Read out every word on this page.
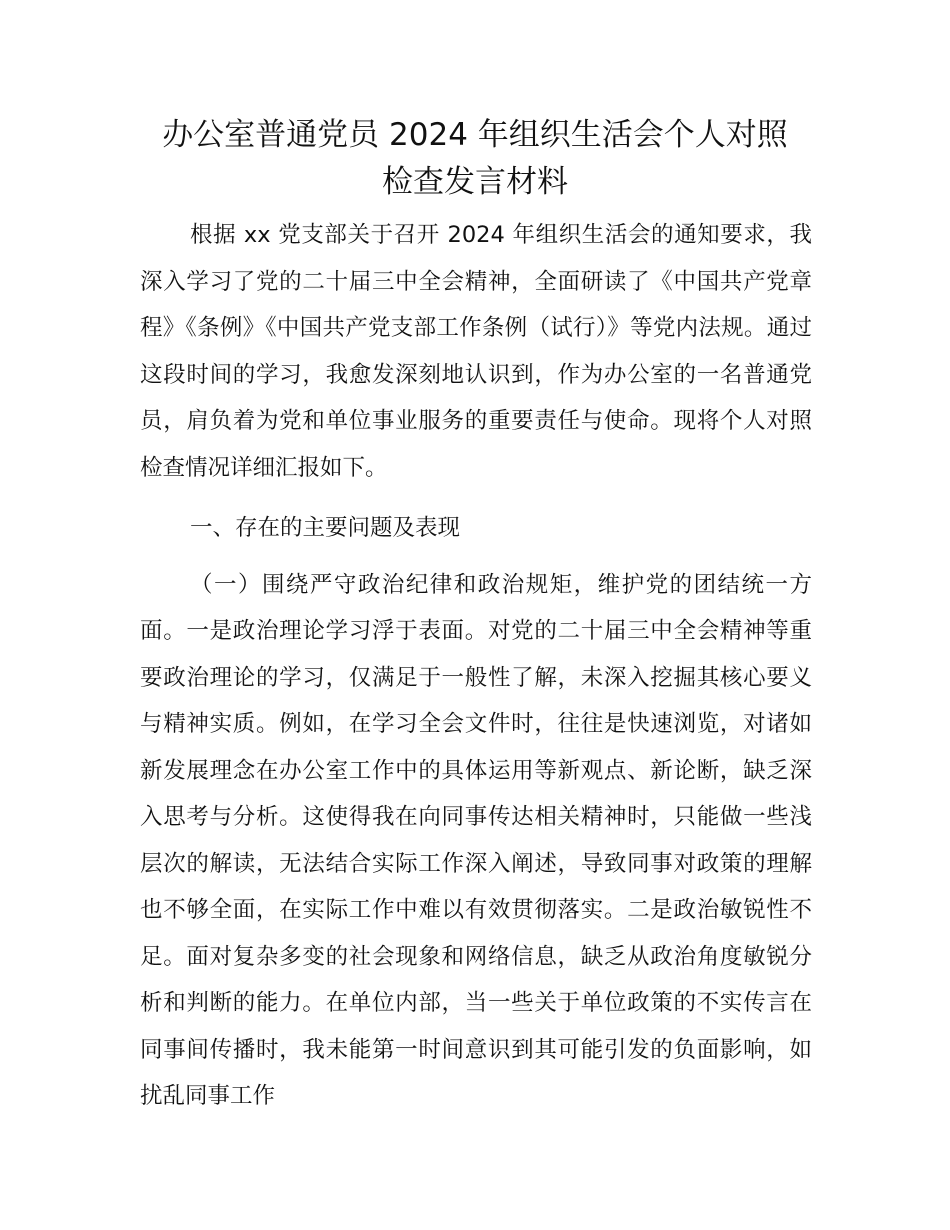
办公室普通党员 2024 年组织生活会个人对照
检查发言材料

根据 xx 党支部关于召开 2024 年组织生活会的通知要求，我深入学习了党的二十届三中全会精神，全面研读了《中国共产党章程》《条例》《中国共产党支部工作条例（试行）》等党内法规。通过这段时间的学习，我愈发深刻地认识到，作为办公室的一名普通党员，肩负着为党和单位事业服务的重要责任与使命。现将个人对照检查情况详细汇报如下。

一、存在的主要问题及表现

（一）围绕严守政治纪律和政治规矩，维护党的团结统一方面。一是政治理论学习浮于表面。对党的二十届三中全会精神等重要政治理论的学习，仅满足于一般性了解，未深入挖掘其核心要义与精神实质。例如，在学习全会文件时，往往是快速浏览，对诸如新发展理念在办公室工作中的具体运用等新观点、新论断，缺乏深入思考与分析。这使得我在向同事传达相关精神时，只能做一些浅层次的解读，无法结合实际工作深入阐述，导致同事对政策的理解也不够全面，在实际工作中难以有效贯彻落实。二是政治敏锐性不足。面对复杂多变的社会现象和网络信息，缺乏从政治角度敏锐分析和判断的能力。在单位内部，当一些关于单位政策的不实传言在同事间传播时，我未能第一时间意识到其可能引发的负面影响，如扰乱同事工作
